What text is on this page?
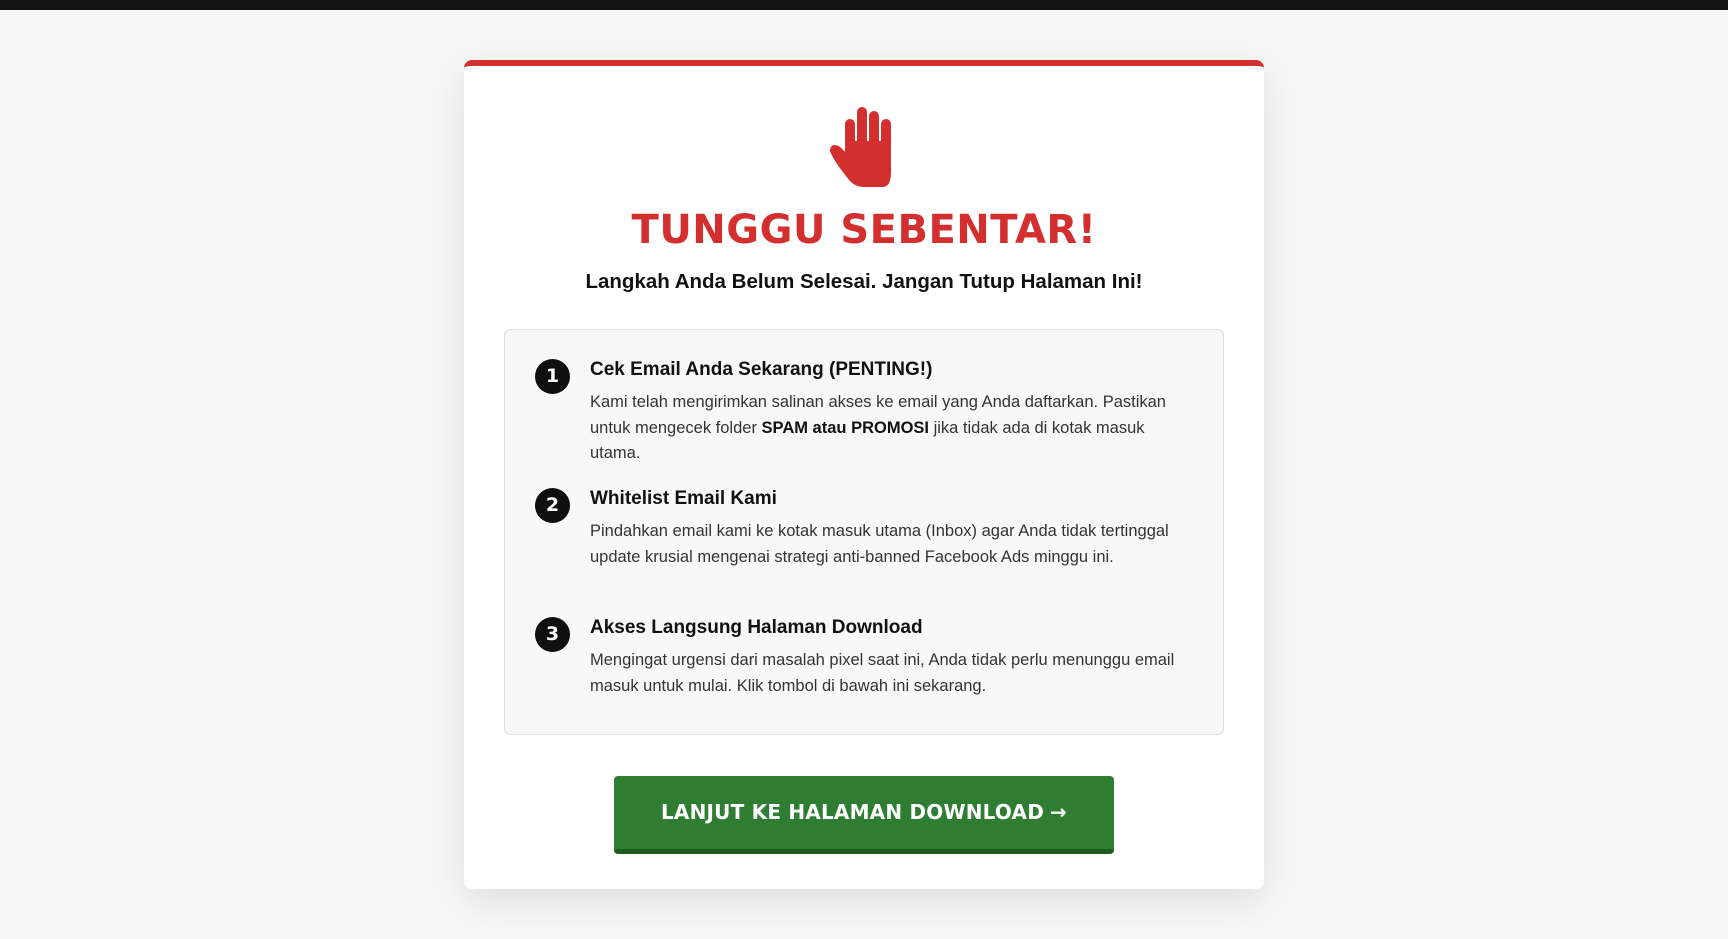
TUNGGU SEBENTAR!
Langkah Anda Belum Selesai. Jangan Tutup Halaman Ini!
1	Cek Email Anda Sekarang (PENTING!)
Kami telah mengirimkan salinan akses ke email yang Anda daftarkan. Pastikan untuk mengecek folder SPAM atau PROMOSI jika tidak ada di kotak masuk utama.
2	Whitelist Email Kami
Pindahkan email kami ke kotak masuk utama (Inbox) agar Anda tidak tertinggal update krusial mengenai strategi anti-banned Facebook Ads minggu ini.
3	Akses Langsung Halaman Download
Mengingat urgensi dari masalah pixel saat ini, Anda tidak perlu menunggu email masuk untuk mulai. Klik tombol di bawah ini sekarang.
LANJUT KE HALAMAN DOWNLOAD →
